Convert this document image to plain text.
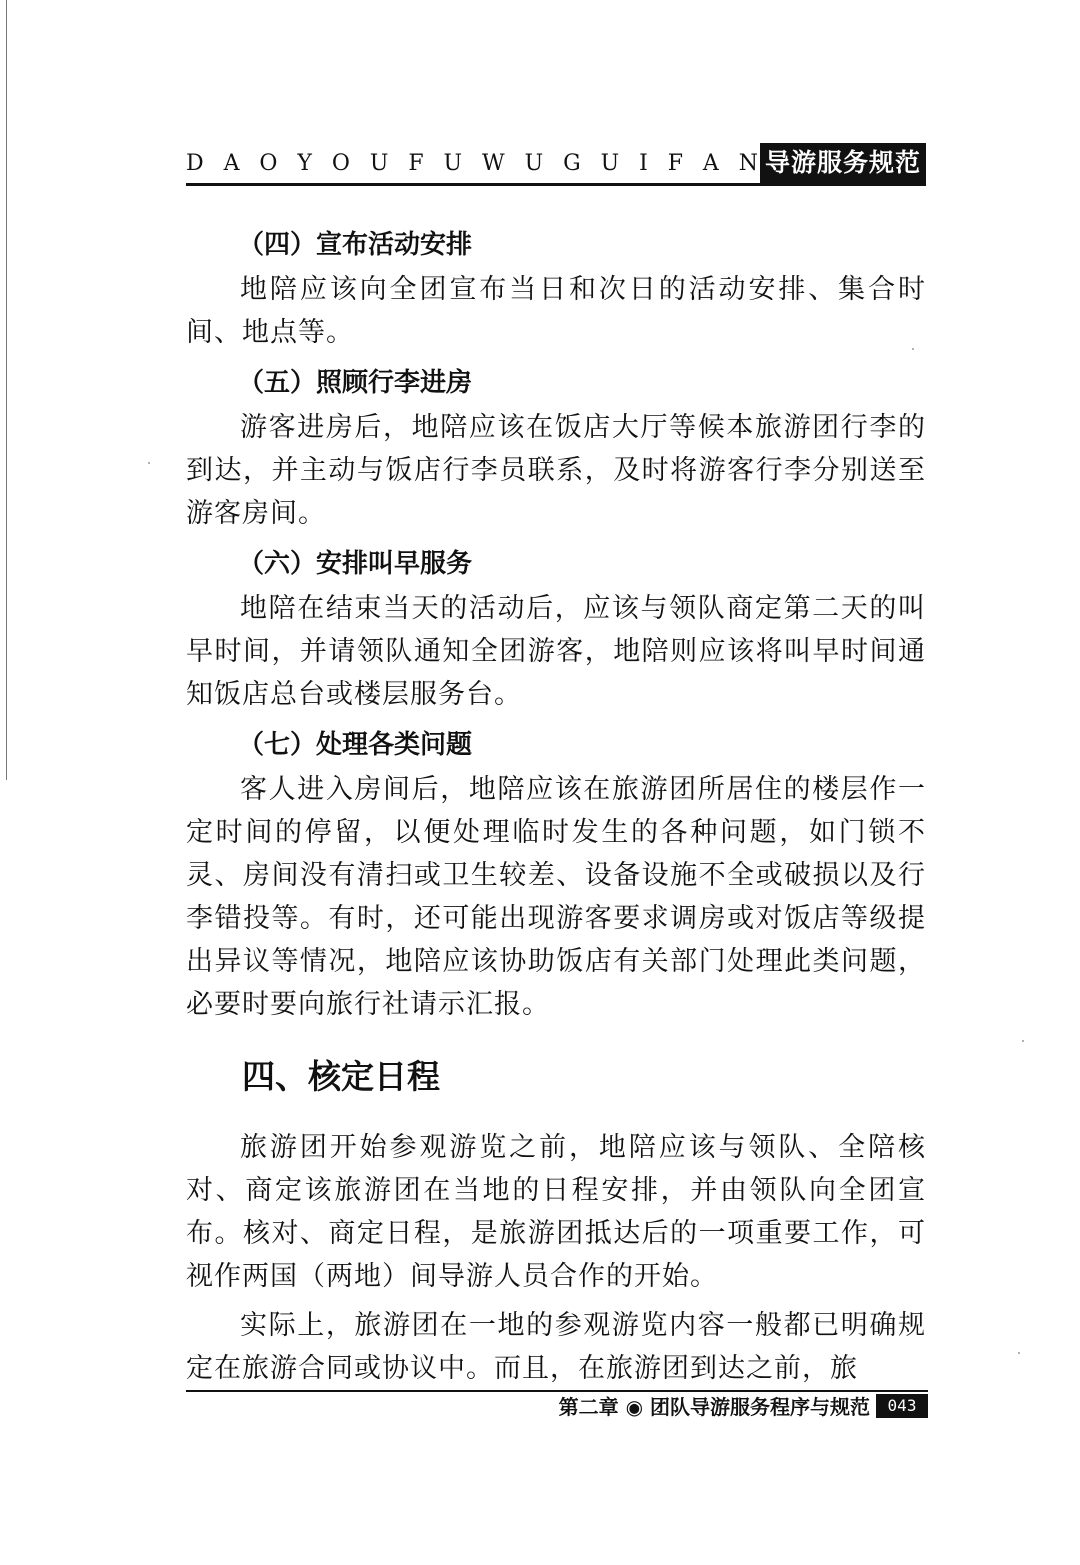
D A O Y O U F U W U G U I F A N 导游服务规范
（四）宣布活动安排

地陪应该向全团宣布当日和次日的活动安排、集合时间、地点等。

（五）照顾行李进房

游客进房后，地陪应该在饭店大厅等候本旅游团行李的到达，并主动与饭店行李员联系，及时将游客行李分别送至游客房间。

（六）安排叫早服务

地陪在结束当天的活动后，应该与领队商定第二天的叫早时间，并请领队通知全团游客，地陪则应该将叫早时间通知饭店总台或楼层服务台。

（七）处理各类问题

客人进入房间后，地陪应该在旅游团所居住的楼层作一定时间的停留，以便处理临时发生的各种问题，如门锁不灵、房间没有清扫或卫生较差、设备设施不全或破损以及行李错投等。有时，还可能出现游客要求调房或对饭店等级提出异议等情况，地陪应该协助饭店有关部门处理此类问题，必要时要向旅行社请示汇报。

四、核定日程

旅游团开始参观游览之前，地陪应该与领队、全陪核对、商定该旅游团在当地的日程安排，并由领队向全团宣布。核对、商定日程，是旅游团抵达后的一项重要工作，可视作两国（两地）间导游人员合作的开始。

实际上，旅游团在一地的参观游览内容一般都已明确规定在旅游合同或协议中。而且，在旅游团到达之前，旅

第二章 ◉ 团队导游服务程序与规范	043
